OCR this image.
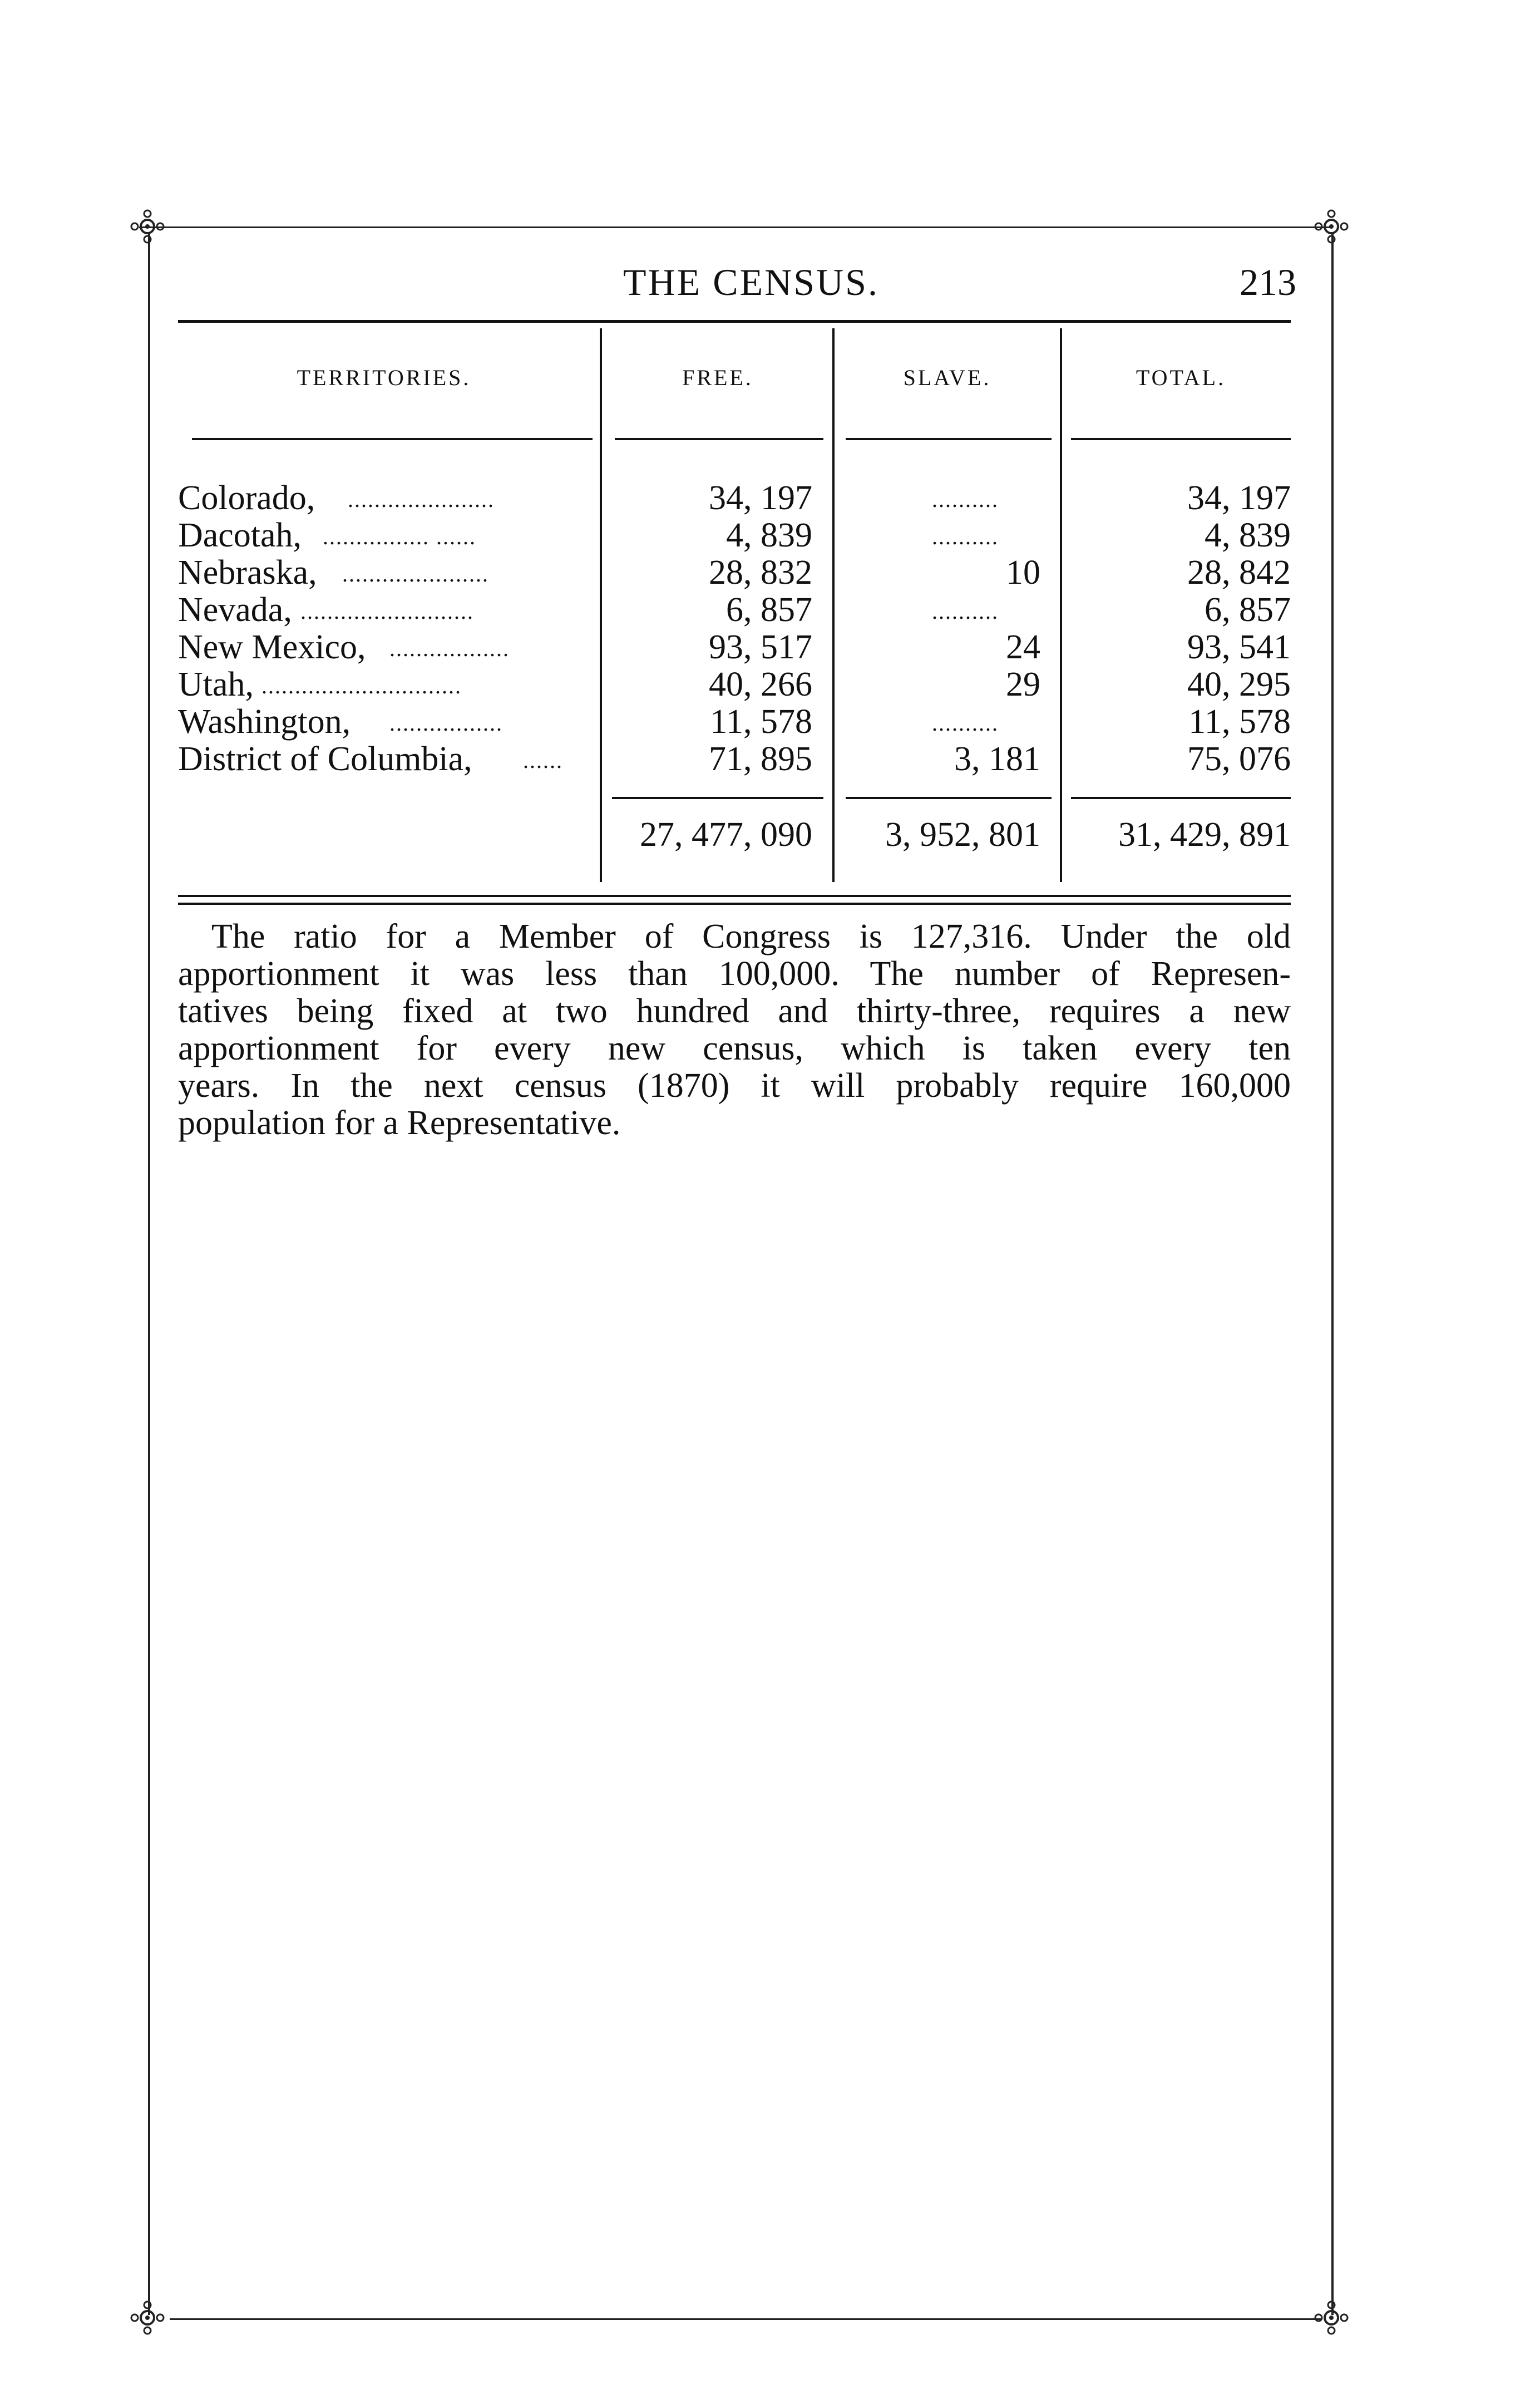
THE CENSUS.	213
TERRITORIES.	FREE.	SLAVE.	TOTAL.
Colorado, ......................	34, 197	..........	34, 197
Dacotah, ................ ......	4, 839	..........	4, 839
Nebraska, ......................	28, 832	10	28, 842
Nevada, ..........................	6, 857	..........	6, 857
New Mexico, ..................	93, 517	24	93, 541
Utah, ..............................	40, 266	29	40, 295
Washington, .................	11, 578	..........	11, 578
District of Columbia, ......	71, 895	3, 181	75, 076
27, 477, 090	3, 952, 801	31, 429, 891
The ratio for a Member of Congress is 127,316. Under the old
apportionment it was less than 100,000. The number of Represen-
tatives being fixed at two hundred and thirty-three, requires a new
apportionment for every new census, which is taken every ten
years. In the next census (1870) it will probably require 160,000
population for a Representative.
